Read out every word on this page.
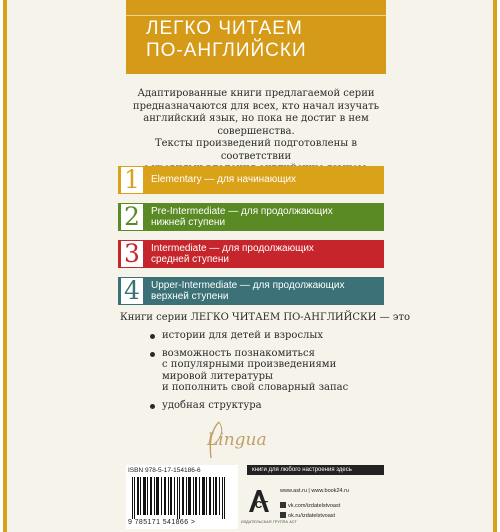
ЛЕГКО ЧИТАЕМ
ПО-АНГЛИЙСКИ
Адаптированные книги предлагаемой серии
предназначаются для всех, кто начал изучать
английский язык, но пока не достиг в нем
совершенства.
Тексты произведений подготовлены в соответствии
1	Elementary — для начинающих
2	Pre-Intermediate — для продолжающих
нижней ступени
3	Intermediate — для продолжающих
средней ступени
4	Upper-Intermediate — для продолжающих
верхней ступени
Книги серии ЛЕГКО ЧИТАЕМ ПО-АНГЛИЙСКИ — это
истории для детей и взрослых
возможность познакомиться
с популярными произведениями
мировой литературы
и пополнить свой словарный запас
удобная структура
Lingua
ISBN 978-5-17-154186-6
9 785171 541866 >
книги для любого настроения здесь
СТ
ИЗДАТЕЛЬСКАЯ ГРУППА АСТ
www.ast.ru | www.book24.ru
vk.com/izdatelstvoast
ok.ru/izdatelstvoast
